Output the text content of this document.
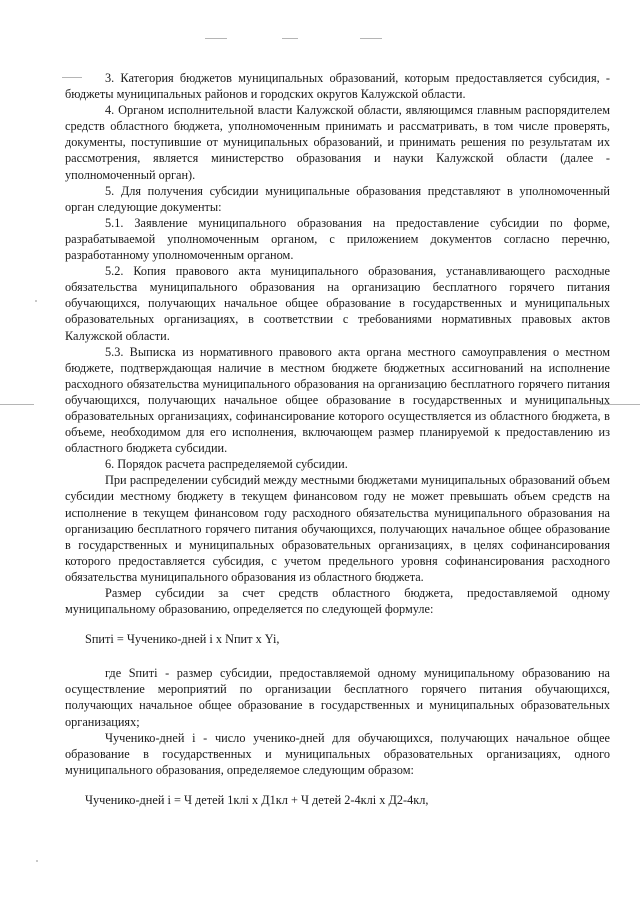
3. Категория бюджетов муниципальных образований, которым предоставляется субсидия, - бюджеты муниципальных районов и городских округов Калужской области.

4. Органом исполнительной власти Калужской области, являющимся главным распорядителем средств областного бюджета, уполномоченным принимать и рассматривать, в том числе проверять, документы, поступившие от муниципальных образований, и принимать решения по результатам их рассмотрения, является министерство образования и науки Калужской области (далее - уполномоченный орган).

5. Для получения субсидии муниципальные образования представляют в уполномоченный орган следующие документы:

5.1. Заявление муниципального образования на предоставление субсидии по форме, разрабатываемой уполномоченным органом, с приложением документов согласно перечню, разработанному уполномоченным органом.

5.2. Копия правового акта муниципального образования, устанавливающего расходные обязательства муниципального образования на организацию бесплатного горячего питания обучающихся, получающих начальное общее образование в государственных и муниципальных образовательных организациях, в соответствии с требованиями нормативных правовых актов Калужской области.

5.3. Выписка из нормативного правового акта органа местного самоуправления о местном бюджете, подтверждающая наличие в местном бюджете бюджетных ассигнований на исполнение расходного обязательства муниципального образования на организацию бесплатного горячего питания обучающихся, получающих начальное общее образование в государственных и муниципальных образовательных организациях, софинансирование которого осуществляется из областного бюджета, в объеме, необходимом для его исполнения, включающем размер планируемой к предоставлению из областного бюджета субсидии.

6. Порядок расчета распределяемой субсидии.

При распределении субсидий между местными бюджетами муниципальных образований объем субсидии местному бюджету в текущем финансовом году не может превышать объем средств на исполнение в текущем финансовом году расходного обязательства муниципального образования на организацию бесплатного горячего питания обучающихся, получающих начальное общее образование в государственных и муниципальных образовательных организациях, в целях софинансирования которого предоставляется субсидия, с учетом предельного уровня софинансирования расходного обязательства муниципального образования из областного бюджета.

Размер субсидии за счет средств областного бюджета, предоставляемой одному муниципальному образованию, определяется по следующей формуле:

Sпитi = Чученико-дней i х Nпит х Yi,

где Sпитi - размер субсидии, предоставляемой одному муниципальному образованию на осуществление мероприятий по организации бесплатного горячего питания обучающихся, получающих начальное общее образование в государственных и муниципальных образовательных организациях;

Чученико-дней i - число ученико-дней для обучающихся, получающих начальное общее образование в государственных и муниципальных образовательных организациях, одного муниципального образования, определяемое следующим образом:

Чученико-дней i = Ч детей 1клi х Д1кл + Ч детей 2-4клi х Д2-4кл,
